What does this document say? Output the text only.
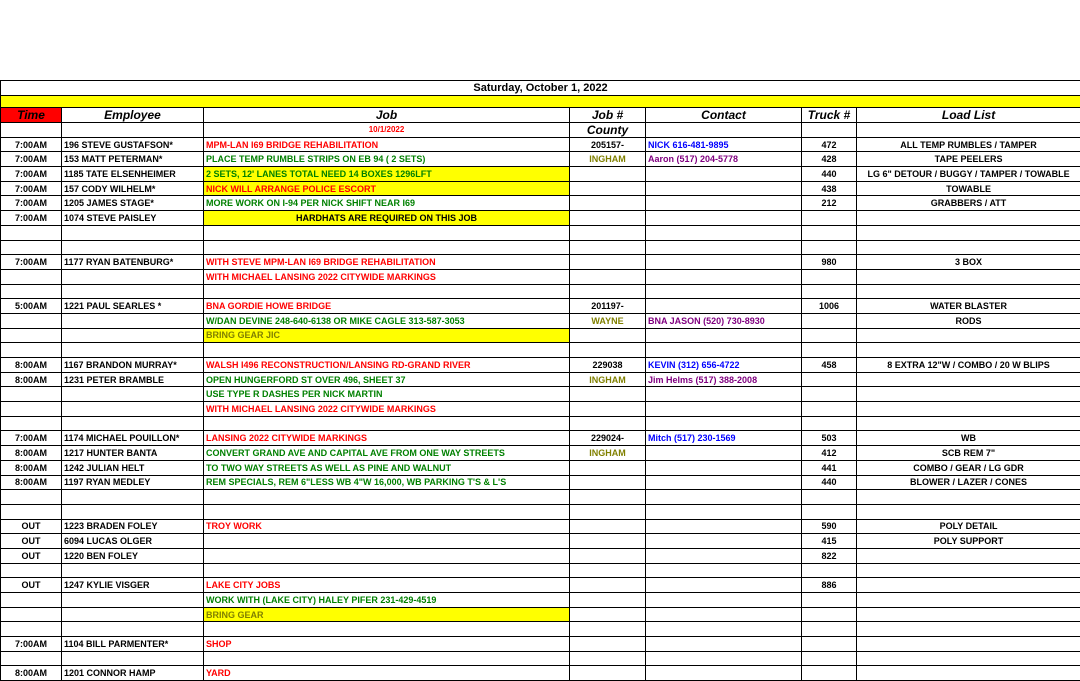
Saturday, October 1, 2022						

Time	Employee	Job	Job #	Contact	Truck #	Load List
		10/1/2022	County			
7:00AM	196 STEVE GUSTAFSON*	MPM-LAN I69 BRIDGE REHABILITATION	205157-	NICK 616-481-9895	472	ALL TEMP RUMBLES / TAMPER
7:00AM	153 MATT PETERMAN*	PLACE TEMP RUMBLE STRIPS ON EB 94 ( 2 SETS)	INGHAM	Aaron (517) 204-5778	428	TAPE PEELERS
7:00AM	1185 TATE ELSENHEIMER	2 SETS, 12' LANES TOTAL NEED 14 BOXES 1296LFT			440	LG 6" DETOUR / BUGGY / TAMPER / TOWABLE
7:00AM	157 CODY WILHELM*	NICK WILL ARRANGE POLICE ESCORT			438	TOWABLE
7:00AM	1205 JAMES STAGE*	MORE WORK ON I-94 PER NICK SHIFT NEAR I69			212	GRABBERS / ATT
7:00AM	1074 STEVE PAISLEY	HARDHATS ARE REQUIRED ON THIS JOB				

7:00AM	1177 RYAN BATENBURG*	WITH STEVE MPM-LAN I69 BRIDGE REHABILITATION			980	3 BOX
		WITH MICHAEL LANSING 2022 CITYWIDE MARKINGS				

5:00AM	1221 PAUL SEARLES *	BNA GORDIE HOWE BRIDGE	201197-		1006	WATER BLASTER
		W/DAN DEVINE 248-640-6138 OR MIKE CAGLE 313-587-3053	WAYNE	BNA JASON (520) 730-8930		RODS
		BRING GEAR JIC				

8:00AM	1167 BRANDON MURRAY*	WALSH I496 RECONSTRUCTION/LANSING RD-GRAND RIVER	229038	KEVIN (312) 656-4722	458	8 EXTRA 12"W / COMBO / 20 W BLIPS
8:00AM	1231 PETER BRAMBLE	OPEN HUNGERFORD ST OVER 496, SHEET 37	INGHAM	Jim Helms (517) 388-2008		
		USE TYPE R DASHES PER NICK MARTIN				
		WITH MICHAEL LANSING 2022 CITYWIDE MARKINGS				

7:00AM	1174 MICHAEL POUILLON*	LANSING 2022 CITYWIDE MARKINGS	229024-	Mitch (517) 230-1569	503	WB
8:00AM	1217 HUNTER BANTA	CONVERT GRAND AVE AND CAPITAL AVE FROM ONE WAY STREETS	INGHAM		412	SCB REM 7"
8:00AM	1242 JULIAN HELT	TO TWO WAY STREETS AS WELL AS PINE AND WALNUT			441	COMBO / GEAR / LG GDR
8:00AM	1197 RYAN MEDLEY	REM SPECIALS, REM 6"LESS WB 4"W 16,000, WB PARKING T'S & L'S			440	BLOWER / LAZER / CONES

OUT	1223 BRADEN FOLEY	TROY WORK			590	POLY DETAIL
OUT	6094 LUCAS OLGER				415	POLY SUPPORT
OUT	1220 BEN FOLEY				822	

OUT	1247 KYLIE VISGER	LAKE CITY JOBS			886	
		WORK WITH (LAKE CITY) HALEY PIFER 231-429-4519				
		BRING GEAR				

7:00AM	1104 BILL PARMENTER*	SHOP				

8:00AM	1201 CONNOR HAMP	YARD				
